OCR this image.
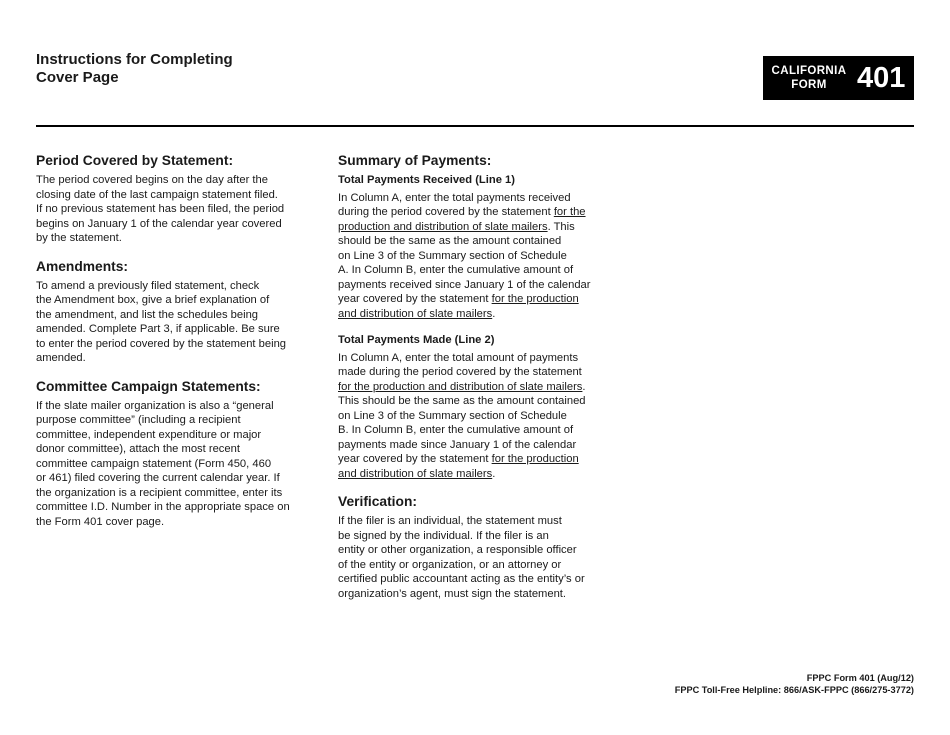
Instructions for Completing
Cover Page	CALIFORNIA
FORM	401
Period Covered by Statement:

The period covered begins on the day after the
closing date of the last campaign statement filed.
If no previous statement has been filed, the period
begins on January 1 of the calendar year covered
by the statement.

Amendments:

To amend a previously filed statement, check
the Amendment box, give a brief explanation of
the amendment, and list the schedules being
amended. Complete Part 3, if applicable. Be sure
to enter the period covered by the statement being
amended.

Committee Campaign Statements:

If the slate mailer organization is also a “general
purpose committee” (including a recipient
committee, independent expenditure or major
donor committee), attach the most recent
committee campaign statement (Form 450, 460
or 461) filed covering the current calendar year. If
the organization is a recipient committee, enter its
committee I.D. Number in the appropriate space on
the Form 401 cover page.

Summary of Payments:
Total Payments Received (Line 1)

In Column A, enter the total payments received
during the period covered by the statement for the
production and distribution of slate mailers. This
should be the same as the amount contained
on Line 3 of the Summary section of Schedule
A. In Column B, enter the cumulative amount of
payments received since January 1 of the calendar
year covered by the statement for the production
and distribution of slate mailers.

Total Payments Made (Line 2)

In Column A, enter the total amount of payments
made during the period covered by the statement
for the production and distribution of slate mailers.
This should be the same as the amount contained
on Line 3 of the Summary section of Schedule
B. In Column B, enter the cumulative amount of
payments made since January 1 of the calendar
year covered by the statement for the production
and distribution of slate mailers.

Verification:

If the filer is an individual, the statement must
be signed by the individual. If the filer is an
entity or other organization, a responsible officer
of the entity or organization, or an attorney or
certified public accountant acting as the entity’s or
organization’s agent, must sign the statement.

FPPC Form 401 (Aug/12)
FPPC Toll-Free Helpline: 866/ASK-FPPC (866/275-3772)
